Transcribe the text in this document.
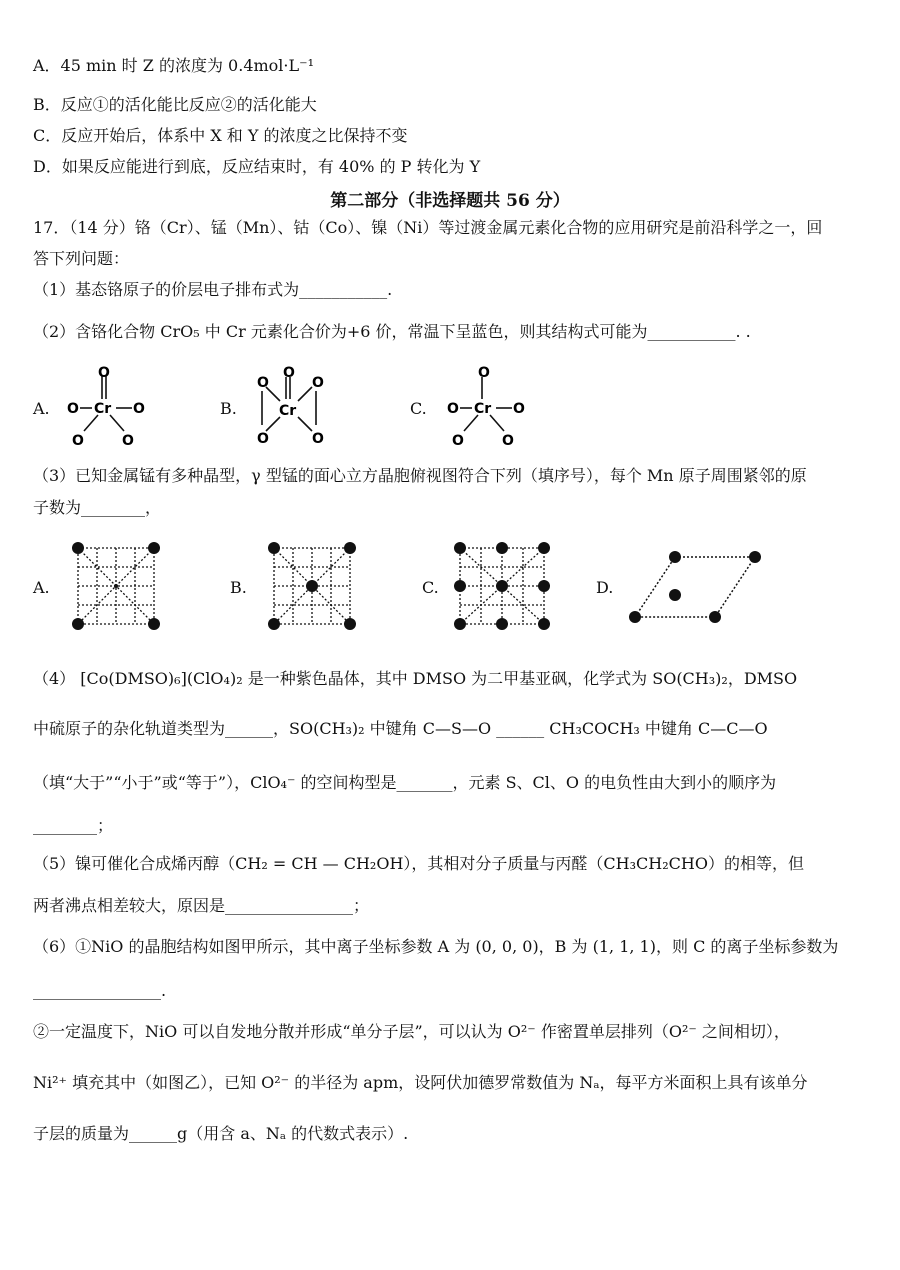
A．45 min 时 Z 的浓度为 0.4mol·L⁻¹
B．反应①的活化能比反应②的活化能大
C．反应开始后，体系中 X 和 Y 的浓度之比保持不变
D．如果反应能进行到底，反应结束时，有 40% 的 P 转化为 Y
第二部分（非选择题共 56 分）
17．（14 分）铬（Cr）、锰（Mn）、钴（Co）、镍（Ni）等过渡金属元素化合物的应用研究是前沿科学之一，回
答下列问题：
（1）基态铬原子的价层电子排布式为___________.
（2）含铬化合物 CrO₅ 中 Cr 元素化合价为+6 价，常温下呈蓝色，则其结构式可能为___________. .
A.	B.	C.
O
O Cr O
O	O
O
O	O
Cr
O	O
O
O Cr O
O	O
（3）已知金属锰有多种晶型，γ 型锰的面心立方晶胞俯视图符合下列（填序号），每个 Mn 原子周围紧邻的原
子数为________，
A.	B.	C.	D.
（4） [Co(DMSO)₆](ClO₄)₂ 是一种紫色晶体，其中 DMSO 为二甲基亚砜，化学式为 SO(CH₃)₂，DMSO
中硫原子的杂化轨道类型为______，SO(CH₃)₂ 中键角 C—S—O ______ CH₃COCH₃ 中键角 C—C—O
（填“大于”“小于”或“等于”），ClO₄⁻ 的空间构型是_______，元素 S、Cl、O 的电负性由大到小的顺序为
________；
（5）镍可催化合成烯丙醇（CH₂ = CH — CH₂OH），其相对分子质量与丙醛（CH₃CH₂CHO）的相等，但
两者沸点相差较大，原因是________________；
（6）①NiO 的晶胞结构如图甲所示，其中离子坐标参数 A 为 (0, 0, 0)，B 为 (1, 1, 1)，则 C 的离子坐标参数为
________________.
②一定温度下，NiO 可以自发地分散并形成“单分子层”，可以认为 O²⁻ 作密置单层排列（O²⁻ 之间相切），
Ni²⁺ 填充其中（如图乙），已知 O²⁻ 的半径为 apm，设阿伏加德罗常数值为 Nₐ，每平方米面积上具有该单分
子层的质量为______g（用含 a、Nₐ 的代数式表示）.
